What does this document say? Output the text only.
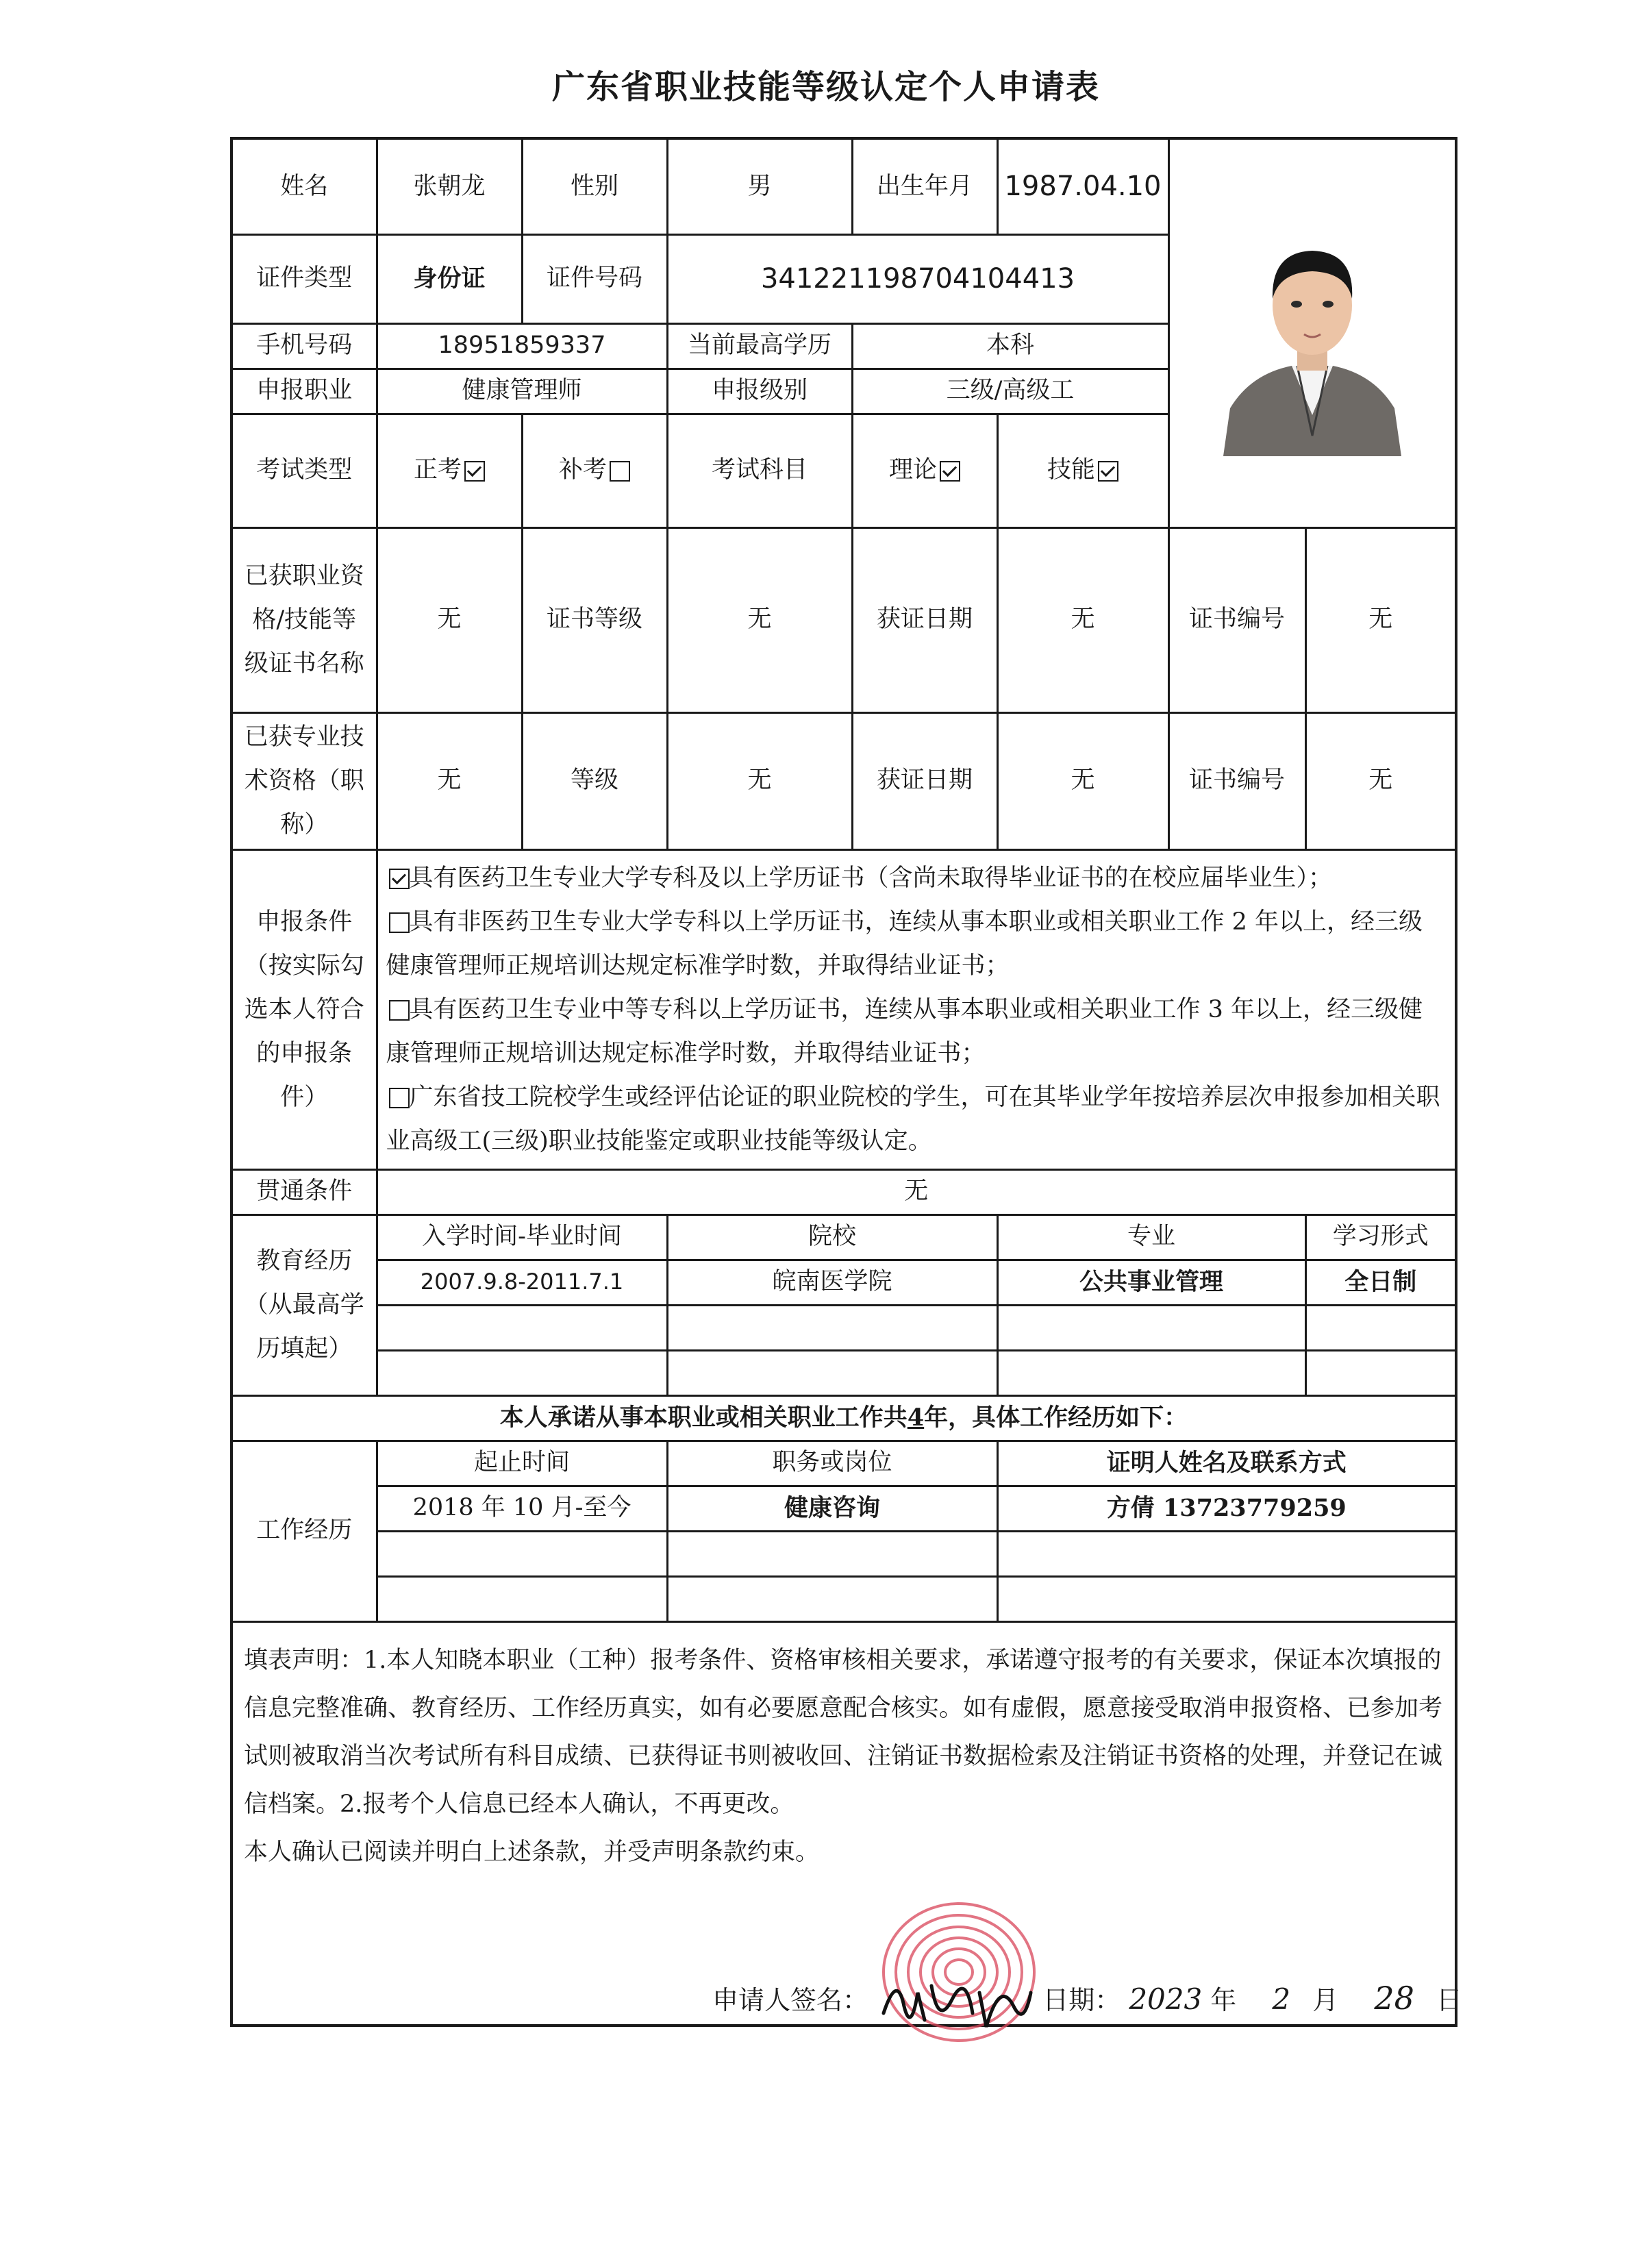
广东省职业技能等级认定个人申请表
姓名	张朝龙	性别	男	出生年月	1987.04.10	

证件类型	身份证	证件号码	341221198704104413				
手机号码	18951859337		当前最高学历	本科			
申报职业	健康管理师		申报级别	三级/高级工			
考试类型	正考	补考	考试科目	理论	技能		
已获职业资格/技能等级证书名称	无	证书等级	无	获证日期	无	证书编号	无
已获专业技术资格（职称）	无	等级	无	获证日期	无	证书编号	无
申报条件（按实际勾选本人符合的申报条件）	具有医药卫生专业大学专科及以上学历证书（含尚未取得毕业证书的在校应届毕业生）；

具有非医药卫生专业大学专科以上学历证书，连续从事本职业或相关职业工作 2 年以上，经三级健康管理师正规培训达规定标准学时数，并取得结业证书；

具有医药卫生专业中等专科以上学历证书，连续从事本职业或相关职业工作 3 年以上，经三级健康管理师正规培训达规定标准学时数，并取得结业证书；

广东省技工院校学生或经评估论证的职业院校的学生，可在其毕业学年按培养层次申报参加相关职业高级工(三级)职业技能鉴定或职业技能等级认定。						

贯通条件	无						
教育经历（从最高学历填起）	入学时间-毕业时间		院校		专业		学习形式
	2007.9.8-2011.7.1		皖南医学院		公共事业管理		全日制

本人承诺从事本职业或相关职业工作共4年，具体工作经历如下：							
工作经历	起止时间		职务或岗位		证明人姓名及联系方式		
	2018 年 10 月-至今		健康咨询		方倩 13723779259		

填表声明：1.本人知晓本职业（工种）报考条件、资格审核相关要求，承诺遵守报考的有关要求，保证本次填报的信息完整准确、教育经历、工作经历真实，如有必要愿意配合核实。如有虚假，愿意接受取消申报资格、已参加考试则被取消当次考试所有科目成绩、已获得证书则被收回、注销证书数据检索及注销证书资格的处理，并登记在诚信档案。2.报考个人信息已经本人确认，不再更改。

本人确认已阅读并明白上述条款，并受声明条款约束。

申请人签名： 日期： 2023 年 2 月 28 日							
